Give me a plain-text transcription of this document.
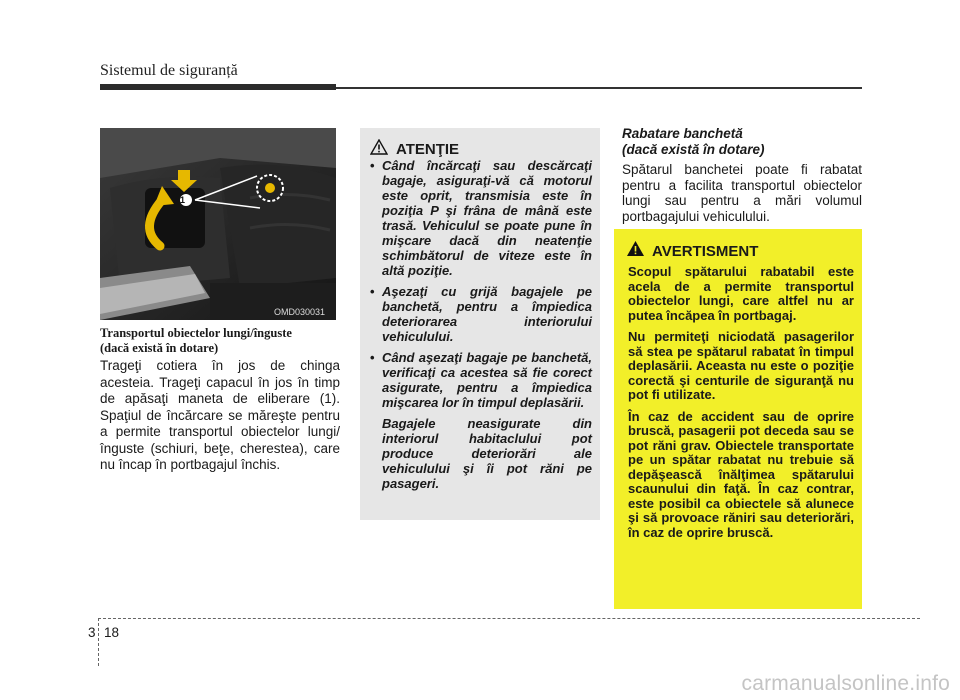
Sistemul de siguranță
1
OMD030031
Transportul obiectelor lungi/înguste
(dacă există în dotare)
Trageţi cotiera în jos de chinga acesteia. Trageţi capacul în jos în timp de apăsaţi maneta de eliberare (1). Spaţiul de încărcare se măreşte pentru a permite transportul obiectelor lungi/înguste (schiuri, beţe, cherestea), care nu încap în portbagajul închis.
ATENŢIE
• Când încărcaţi sau descărcaţi bagaje, asiguraţi-vă că motorul este oprit, transmisia este în poziţia P şi frâna de mână este trasă. Vehiculul se poate pune în mişcare dacă din neatenţie schimbătorul de viteze este în altă poziţie.
• Aşezaţi cu grijă bagajele pe banchetă, pentru a împiedica deteriorarea interiorului vehiculului.
• Când aşezaţi bagaje pe banchetă, verificaţi ca acestea să fie corect asigurate, pentru a împiedica mişcarea lor în timpul deplasării.
Bagajele neasigurate din interiorul habitaclului pot produce deteriorări ale vehiculului şi îi pot răni pe pasageri.
Rabatare banchetă
(dacă există în dotare)
Spătarul banchetei poate fi rabatat pentru a facilita transportul obiectelor lungi sau pentru a mări volumul portbagajului vehiculului.
AVERTISMENT

Scopul spătarului rabatabil este acela de a permite transportul obiectelor lungi, care altfel nu ar putea încăpea în portbagaj.

Nu permiteţi niciodată pasagerilor să stea pe spătarul rabatat în timpul deplasării. Aceasta nu este o poziţie corectă şi centurile de siguranţă nu pot fi utilizate.

În caz de accident sau de oprire bruscă, pasagerii pot deceda sau se pot răni grav. Obiectele transportate pe un spătar rabatat nu trebuie să depăşească înălţimea spătarului scaunului din faţă. În caz contrar, este posibil ca obiectele să alunece şi să provoace răniri sau deteriorări, în caz de oprire bruscă.

3 18
carmanualsonline.info
